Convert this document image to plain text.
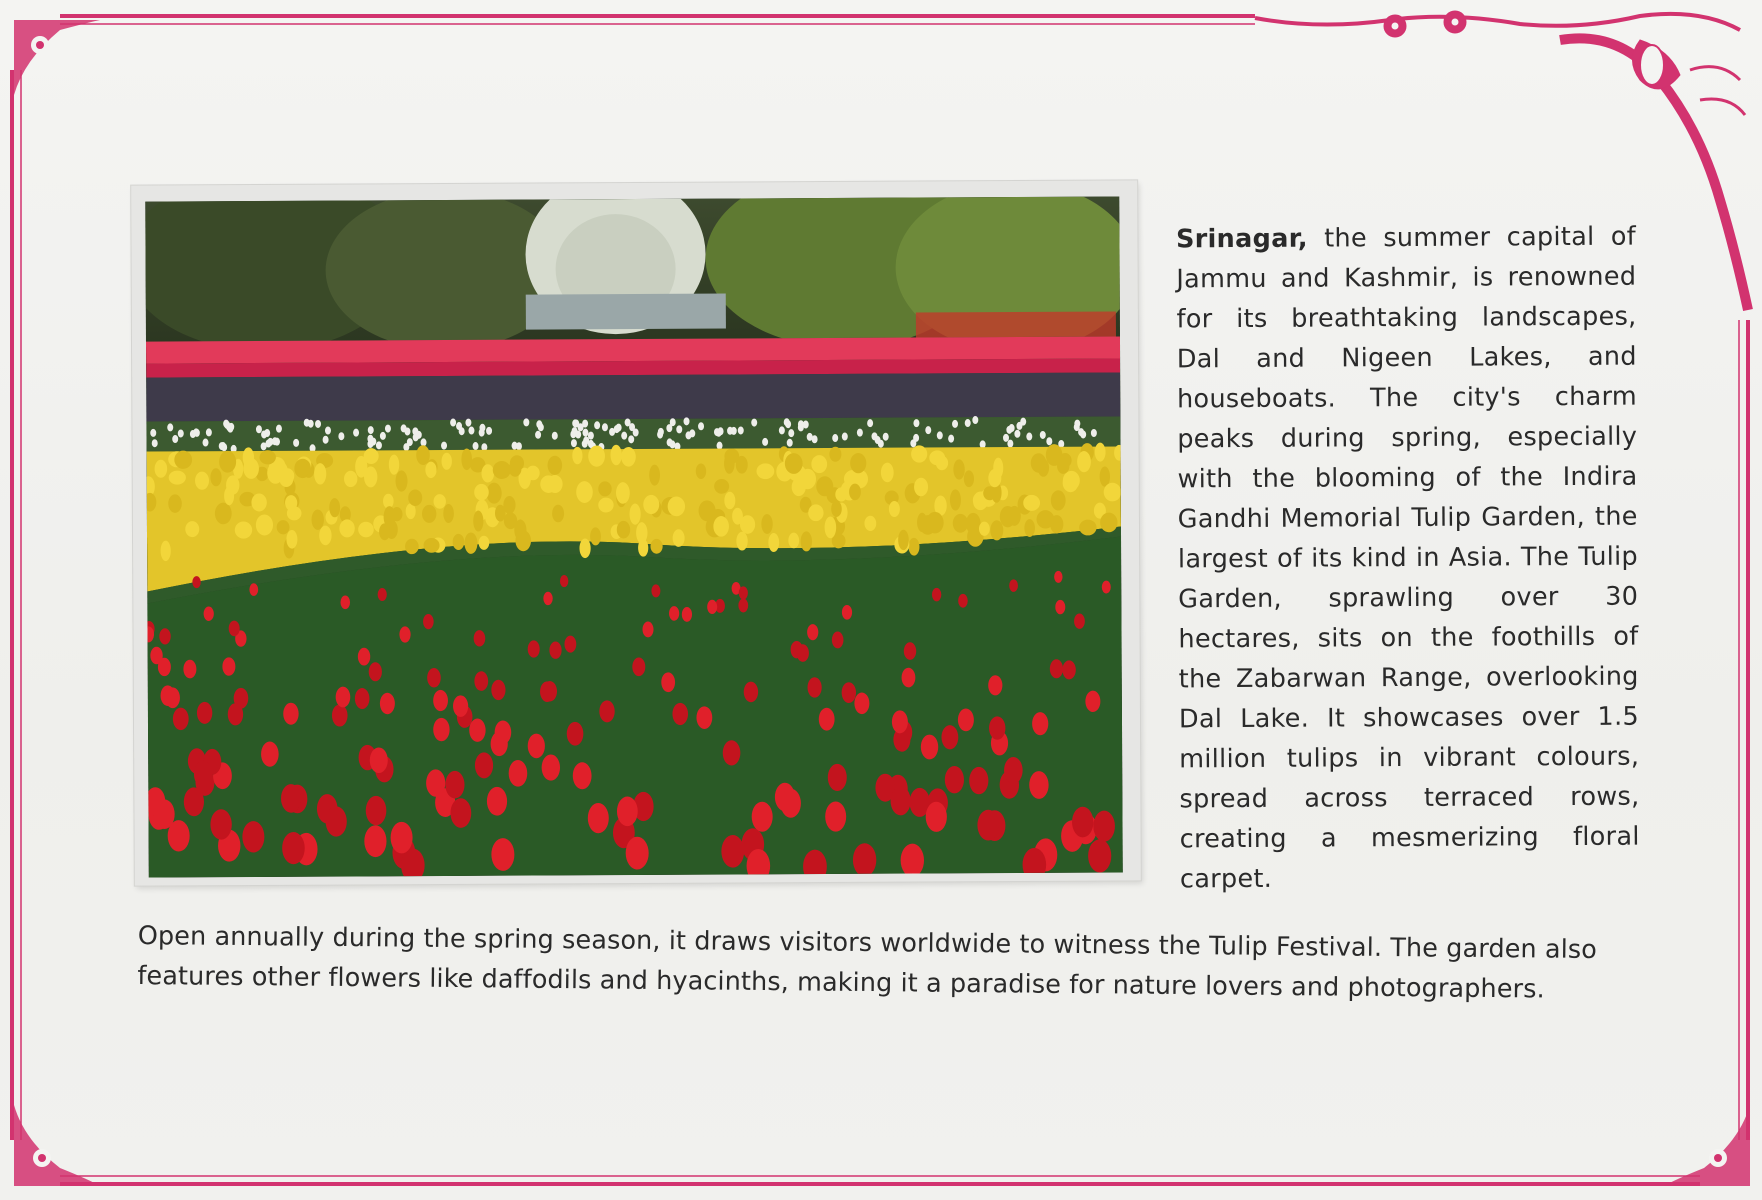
Srinagar, the summer capital of Jammu and Kashmir, is renowned for its breathtaking landscapes, Dal and Nigeen Lakes, and houseboats. The city's charm peaks during spring, especially with the blooming of the Indira Gandhi Memorial Tulip Garden, the largest of its kind in Asia. The Tulip Garden, sprawling over 30 hectares, sits on the foothills of the Zabarwan Range, overlooking Dal Lake. It showcases over 1.5 million tulips in vibrant colours, spread across terraced rows, creating a mesmerizing floral carpet.

Open annually during the spring season, it draws visitors worldwide to witness the Tulip Festival. The garden also

features other flowers like daffodils and hyacinths, making it a paradise for nature lovers and photographers.
